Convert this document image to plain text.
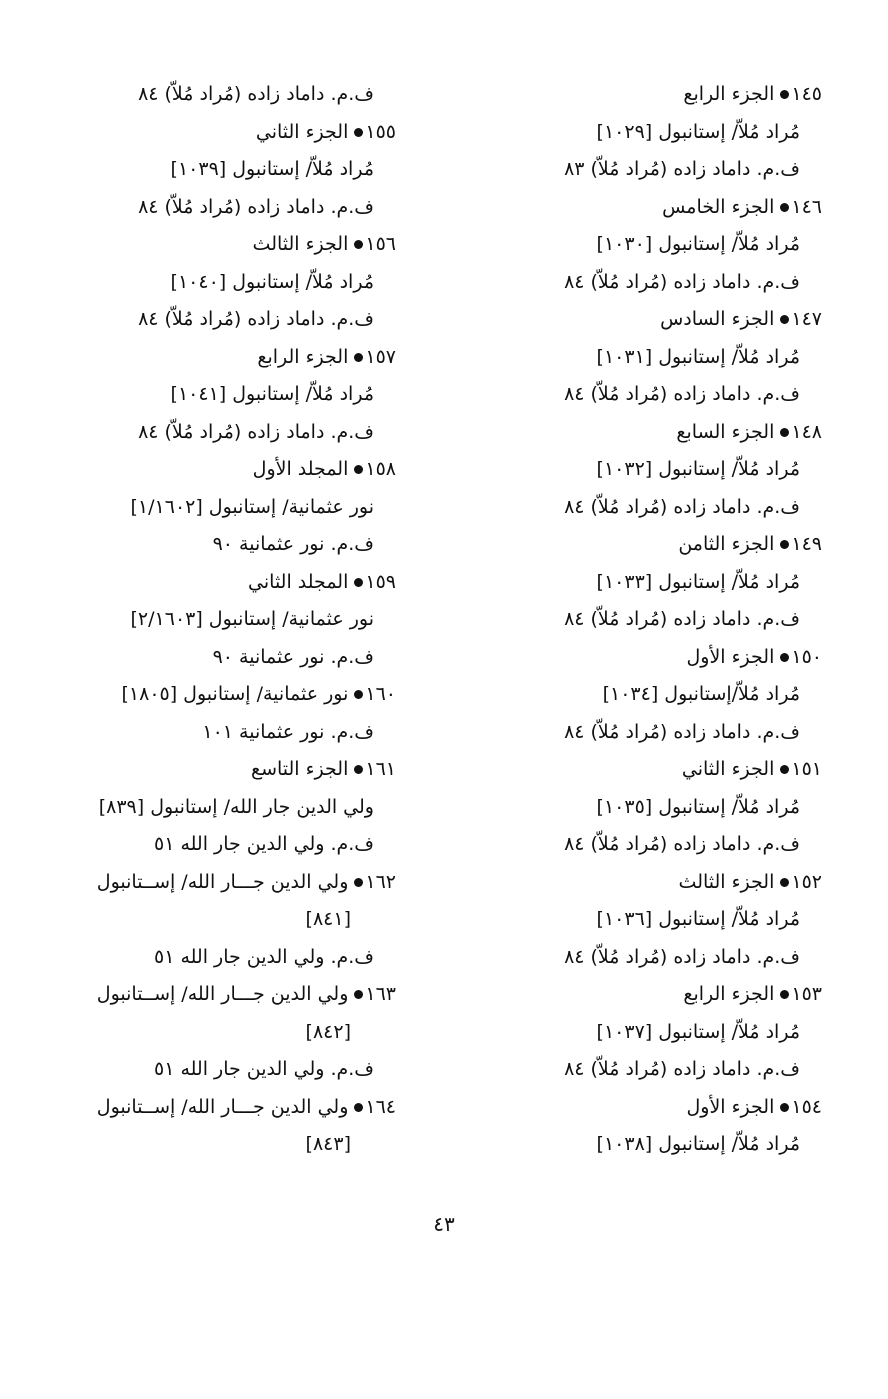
١٤٥الجزء الرابع
مُراد مُلاّ/ إستانبول [١٠٢٩]
ف.م. داماد زاده (مُراد مُلاّ) ٨٣
١٤٦الجزء الخامس
مُراد مُلاّ/ إستانبول [١٠٣٠]
ف.م. داماد زاده (مُراد مُلاّ) ٨٤
١٤٧الجزء السادس
مُراد مُلاّ/ إستانبول [١٠٣١]
ف.م. داماد زاده (مُراد مُلاّ) ٨٤
١٤٨الجزء السابع
مُراد مُلاّ/ إستانبول [١٠٣٢]
ف.م. داماد زاده (مُراد مُلاّ) ٨٤
١٤٩الجزء الثامن
مُراد مُلاّ/ إستانبول [١٠٣٣]
ف.م. داماد زاده (مُراد مُلاّ) ٨٤
١٥٠الجزء الأول
مُراد مُلاّ/إستانبول [١٠٣٤]
ف.م. داماد زاده (مُراد مُلاّ) ٨٤
١٥١الجزء الثاني
مُراد مُلاّ/ إستانبول [١٠٣٥]
ف.م. داماد زاده (مُراد مُلاّ) ٨٤
١٥٢الجزء الثالث
مُراد مُلاّ/ إستانبول [١٠٣٦]
ف.م. داماد زاده (مُراد مُلاّ) ٨٤
١٥٣الجزء الرابع
مُراد مُلاّ/ إستانبول [١٠٣٧]
ف.م. داماد زاده (مُراد مُلاّ) ٨٤
١٥٤الجزء الأول
مُراد مُلاّ/ إستانبول [١٠٣٨]
ف.م. داماد زاده (مُراد مُلاّ) ٨٤
١٥٥الجزء الثاني
مُراد مُلاّ/ إستانبول [١٠٣٩]
ف.م. داماد زاده (مُراد مُلاّ) ٨٤
١٥٦الجزء الثالث
مُراد مُلاّ/ إستانبول [١٠٤٠]
ف.م. داماد زاده (مُراد مُلاّ) ٨٤
١٥٧الجزء الرابع
مُراد مُلاّ/ إستانبول [١٠٤١]
ف.م. داماد زاده (مُراد مُلاّ) ٨٤
١٥٨المجلد الأول
نور عثمانية/ إستانبول [١/١٦٠٢]
ف.م. نور عثمانية ٩٠
١٥٩المجلد الثاني
نور عثمانية/ إستانبول [٢/١٦٠٣]
ف.م. نور عثمانية ٩٠
١٦٠نور عثمانية/ إستانبول [١٨٠٥]
ف.م. نور عثمانية ١٠١
١٦١الجزء التاسع
ولي الدين جار الله/ إستانبول [٨٣٩]
ف.م. ولي الدين جار الله ٥١
١٦٢ولي الدين جـــار الله/ إســتانبول
[٨٤١]
ف.م. ولي الدين جار الله ٥١
١٦٣ولي الدين جـــار الله/ إســتانبول
[٨٤٢]
ف.م. ولي الدين جار الله ٥١
١٦٤ولي الدين جـــار الله/ إســتانبول
[٨٤٣]
٤٣
